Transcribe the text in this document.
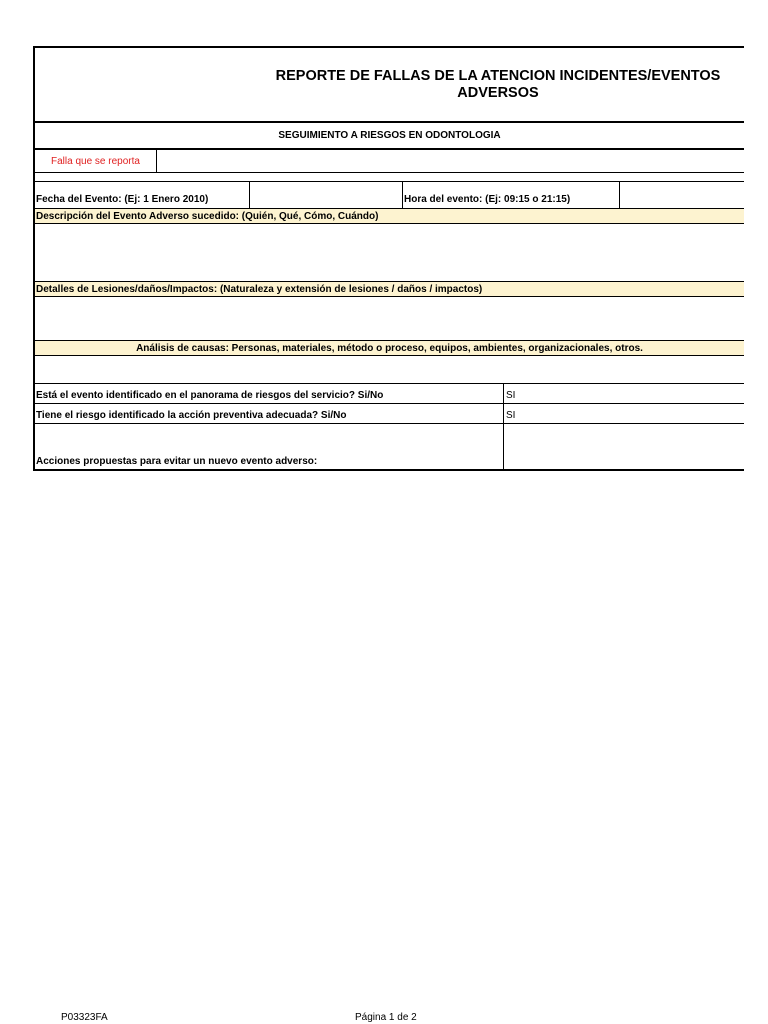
REPORTE DE FALLAS DE LA ATENCION INCIDENTES/EVENTOS ADVERSOS
SEGUIMIENTO A RIESGOS EN ODONTOLOGIA
Falla que se reporta
Fecha del Evento: (Ej: 1 Enero 2010)	Hora del evento: (Ej: 09:15 o 21:15)
Descripción del Evento Adverso sucedido: (Quién, Qué, Cómo, Cuándo)
Detalles de Lesiones/daños/Impactos: (Naturaleza y extensión de lesiones / daños / impactos)
Análisis de causas: Personas, materiales, método o proceso, equipos, ambientes, organizacionales, otros.
Está el evento identificado en el panorama de riesgos del servicio? Si/No	SI
Tiene el riesgo identificado la acción preventiva adecuada? Si/No	SI
Acciones propuestas para evitar un nuevo evento adverso:
P03323FA	Página 1 de 2
